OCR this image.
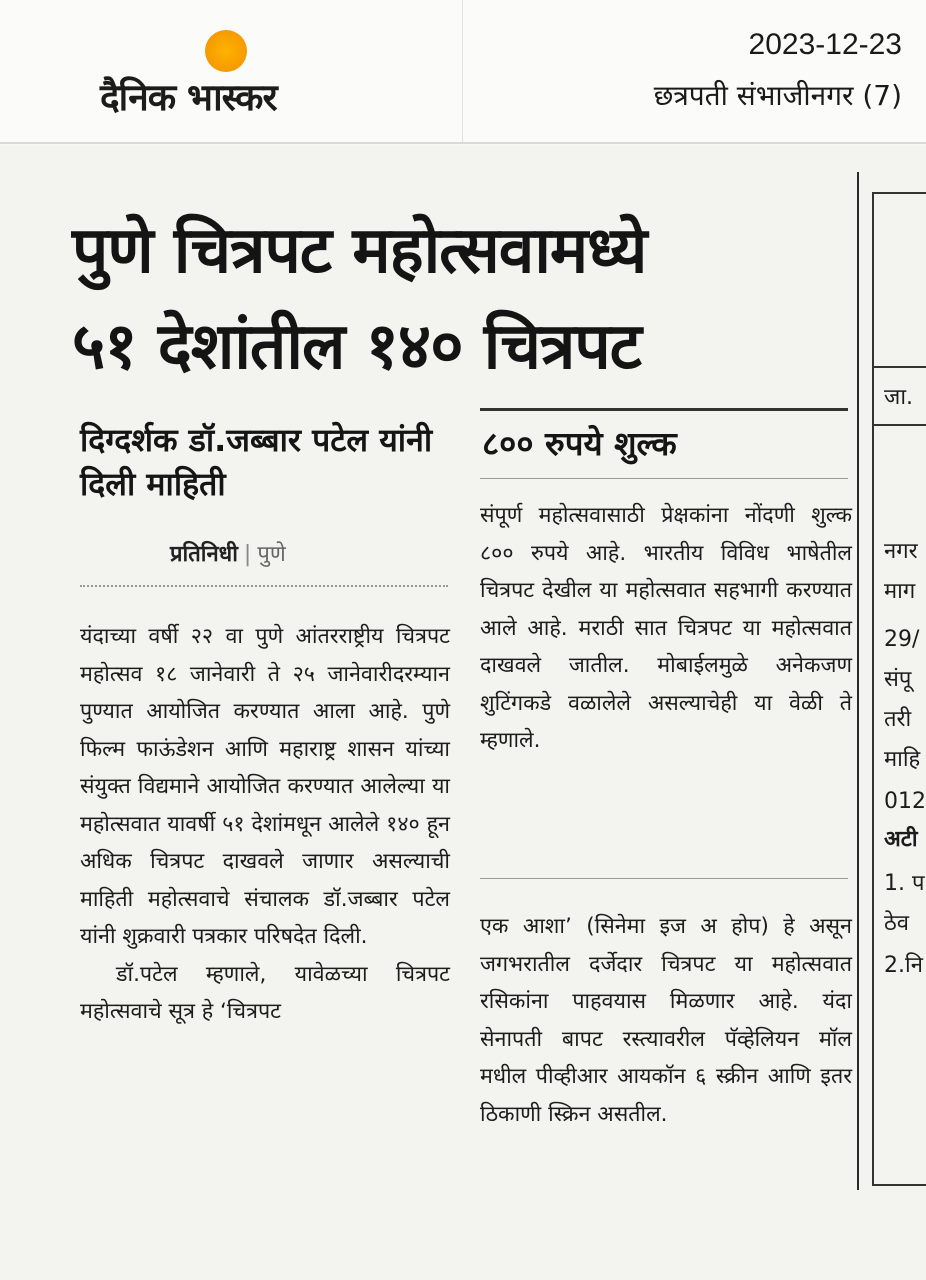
दैनिक भास्कर
2023-12-23
छत्रपती संभाजीनगर (7)
पुणे चित्रपट महोत्सवामध्ये
५१ देशांतील १४० चित्रपट
दिग्दर्शक डॉ.जब्बार पटेल यांनी दिली माहिती
प्रतिनिधी | पुणे

यंदाच्या वर्षी २२ वा पुणे आंतरराष्ट्रीय चित्रपट महोत्सव १८ जानेवारी ते २५ जानेवारीदरम्यान पुण्यात आयोजित करण्यात आला आहे. पुणे फिल्म फाऊंडेशन आणि महाराष्ट्र शासन यांच्या संयुक्त विद्यमाने आयोजित करण्यात आलेल्या या महोत्सवात यावर्षी ५१ देशांमधून आलेले १४० हून अधिक चित्रपट दाखवले जाणार असल्याची माहिती महोत्सवाचे संचालक डॉ.जब्बार पटेल यांनी शुक्रवारी पत्रकार परिषदेत दिली.

डॉ.पटेल म्हणाले, यावेळच्या चित्रपट महोत्सवाचे सूत्र हे ‘चित्रपट

८०० रुपये शुल्क

संपूर्ण महोत्सवासाठी प्रेक्षकांना नोंदणी शुल्क ८०० रुपये आहे. भारतीय विविध भाषेतील चित्रपट देखील या महोत्सवात सहभागी करण्यात आले आहे. मराठी सात चित्रपट या महोत्सवात दाखवले जातील. मोबाईलमुळे अनेकजण शुटिंगकडे वळालेले असल्याचेही या वेळी ते म्हणाले.

एक आशा’ (सिनेमा इज अ होप) हे असून जगभरातील दर्जेदार चित्रपट या महोत्सवात रसिकांना पाहवयास मिळणार आहे. यंदा सेनापती बापट रस्त्यावरील पॅव्हेलियन मॉल मधील पीव्हीआर आयकॉन ६ स्क्रीन आणि इतर ठिकाणी स्क्रिन असतील.

जा.
नगर
माग
29/
संपू
तरी
माहि
012
अटी
1. प
ठेव
2.नि
